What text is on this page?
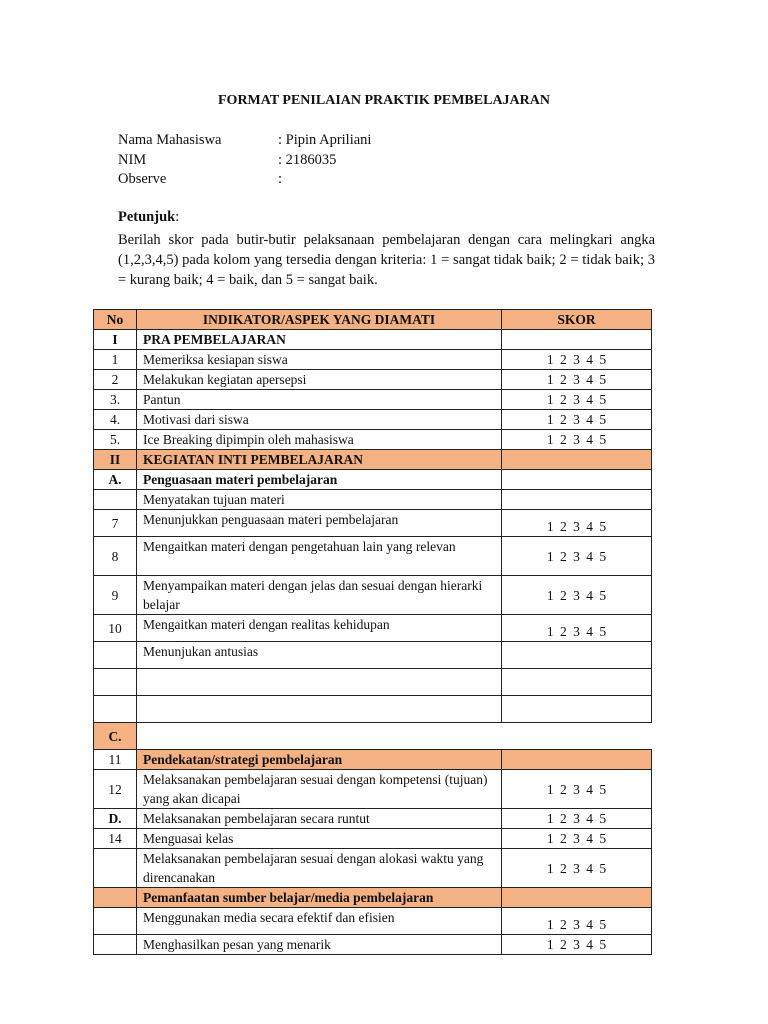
FORMAT PENILAIAN PRAKTIK PEMBELAJARAN
Nama Mahasiswa	: Pipin Apriliani
NIM	: 2186035
Observe	:
Petunjuk:
Berilah skor pada butir-butir pelaksanaan pembelajaran dengan cara melingkari angka (1,2,3,4,5) pada kolom yang tersedia dengan kriteria: 1 = sangat tidak baik; 2 = tidak baik; 3 = kurang baik; 4 = baik, dan 5 = sangat baik.
No	INDIKATOR/ASPEK YANG DIAMATI	SKOR
I	PRA PEMBELAJARAN	
1	Memeriksa kesiapan siswa	1 2 3 4 5
2	Melakukan kegiatan apersepsi	1 2 3 4 5
3.	Pantun	1 2 3 4 5
4.	Motivasi dari siswa	1 2 3 4 5
5.	Ice Breaking dipimpin oleh mahasiswa	1 2 3 4 5
II	KEGIATAN INTI PEMBELAJARAN	
A.	Penguasaan materi pembelajaran	
	Menyatakan tujuan materi	
7	Menunjukkan penguasaan materi pembelajaran	1 2 3 4 5
8	Mengaitkan materi dengan pengetahuan lain yang relevan	1 2 3 4 5
9	Menyampaikan materi dengan jelas dan sesuai dengan hierarki belajar	1 2 3 4 5
10	Mengaitkan materi dengan realitas kehidupan	1 2 3 4 5
	Menunjukan antusias	

C.		
11	Pendekatan/strategi pembelajaran	
12	Melaksanakan pembelajaran sesuai dengan kompetensi (tujuan) yang akan dicapai	1 2 3 4 5
D.	Melaksanakan pembelajaran secara runtut	1 2 3 4 5
14	Menguasai kelas	1 2 3 4 5
	Melaksanakan pembelajaran sesuai dengan alokasi waktu yang direncanakan	1 2 3 4 5
	Pemanfaatan sumber belajar/media pembelajaran	
	Menggunakan media secara efektif dan efisien	1 2 3 4 5
	Menghasilkan pesan yang menarik	1 2 3 4 5
